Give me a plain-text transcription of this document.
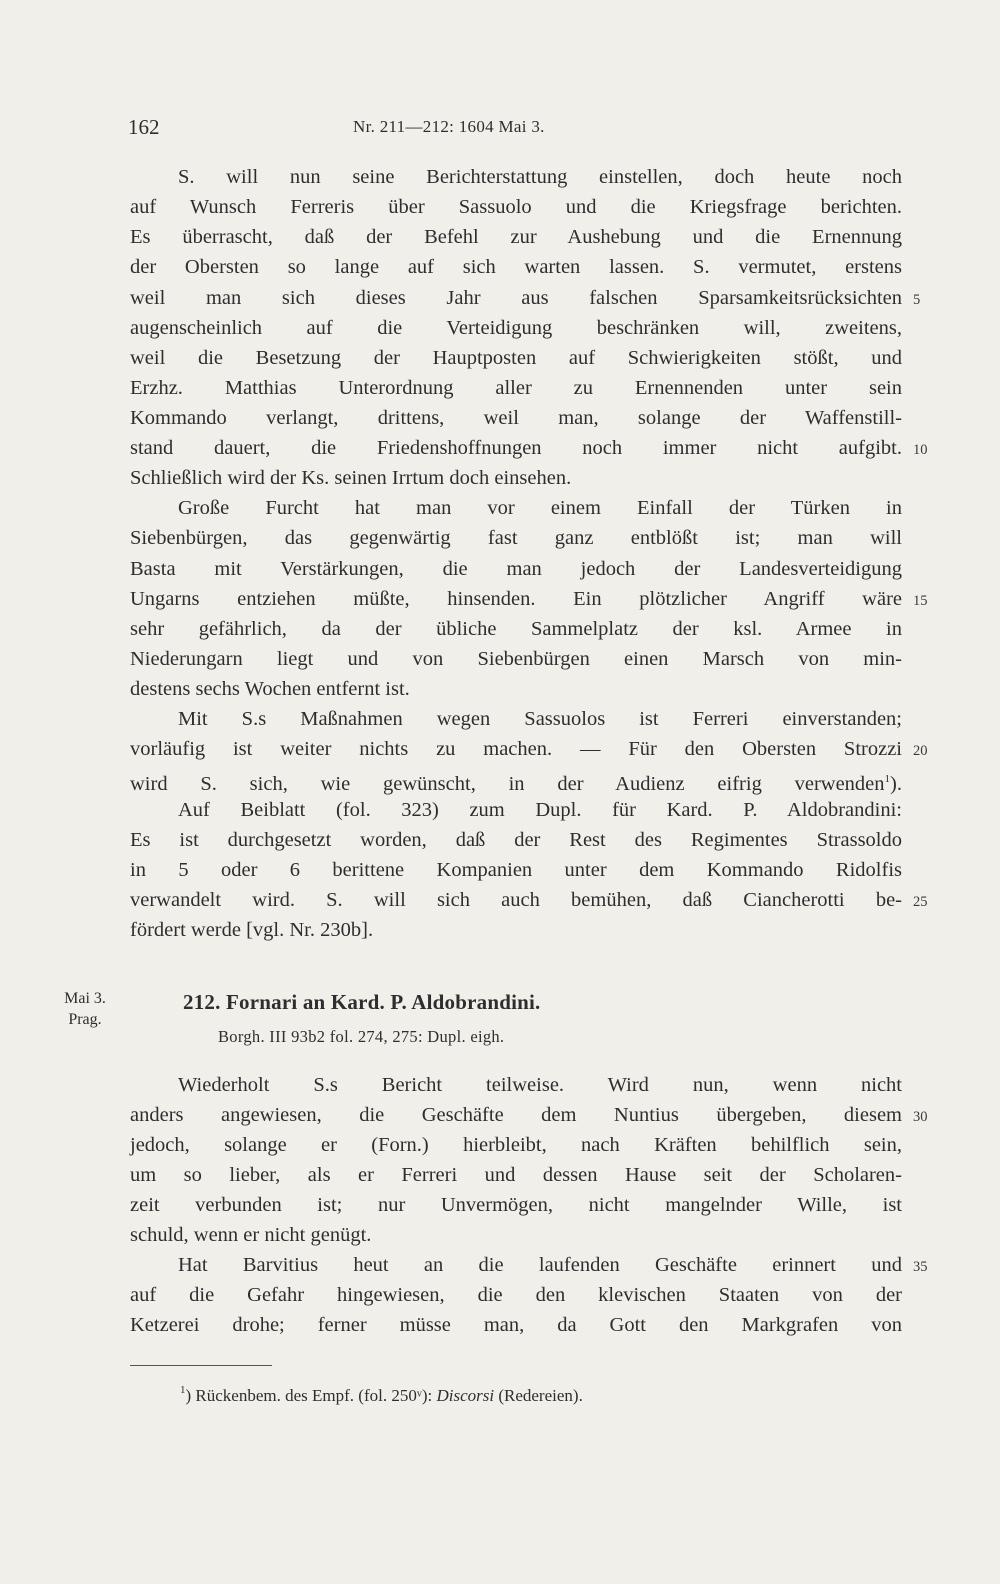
162	Nr. 211—212: 1604 Mai 3.
S. will nun seine Berichterstattung einstellen, doch heute noch
auf Wunsch Ferreris über Sassuolo und die Kriegsfrage berichten.
Es überrascht, daß der Befehl zur Aushebung und die Ernennung
der Obersten so lange auf sich warten lassen. S. vermutet, erstens
weil man sich dieses Jahr aus falschen Sparsamkeitsrücksichten
augenscheinlich auf die Verteidigung beschränken will, zweitens,
weil die Besetzung der Hauptposten auf Schwierigkeiten stößt, und
Erzhz. Matthias Unterordnung aller zu Ernennenden unter sein
Kommando verlangt, drittens, weil man, solange der Waffenstill-
stand dauert, die Friedenshoffnungen noch immer nicht aufgibt.
Schließlich wird der Ks. seinen Irrtum doch einsehen.
Große Furcht hat man vor einem Einfall der Türken in
Siebenbürgen, das gegenwärtig fast ganz entblößt ist; man will
Basta mit Verstärkungen, die man jedoch der Landesverteidigung
Ungarns entziehen müßte, hinsenden. Ein plötzlicher Angriff wäre
sehr gefährlich, da der übliche Sammelplatz der ksl. Armee in
Niederungarn liegt und von Siebenbürgen einen Marsch von min-
destens sechs Wochen entfernt ist.
Mit S.s Maßnahmen wegen Sassuolos ist Ferreri einverstanden;
vorläufig ist weiter nichts zu machen. — Für den Obersten Strozzi
wird S. sich, wie gewünscht, in der Audienz eifrig verwenden$^1$).
Auf Beiblatt (fol. 323) zum Dupl. für Kard. P. Aldobrandini:
Es ist durchgesetzt worden, daß der Rest des Regimentes Strassoldo
in 5 oder 6 berittene Kompanien unter dem Kommando Ridolfis
verwandelt wird. S. will sich auch bemühen, daß Ciancherotti be-
fördert werde [vgl. Nr. 230b].
Mai 3.
Prag.
212. Fornari an Kard. P. Aldobrandini.
Borgh. III 93b2 fol. 274, 275: Dupl. eigh.
Wiederholt S.s Bericht teilweise. Wird nun, wenn nicht
anders angewiesen, die Geschäfte dem Nuntius übergeben, diesem
jedoch, solange er (Forn.) hierbleibt, nach Kräften behilflich sein,
um so lieber, als er Ferreri und dessen Hause seit der Scholaren-
zeit verbunden ist; nur Unvermögen, nicht mangelnder Wille, ist
schuld, wenn er nicht genügt.
Hat Barvitius heut an die laufenden Geschäfte erinnert und
auf die Gefahr hingewiesen, die den klevischen Staaten von der
Ketzerei drohe; ferner müsse man, da Gott den Markgrafen von
5
10
15
20
25
30
35
$^1$) Rückenbem. des Empf. (fol. 250ᵛ): Discorsi (Redereien).
